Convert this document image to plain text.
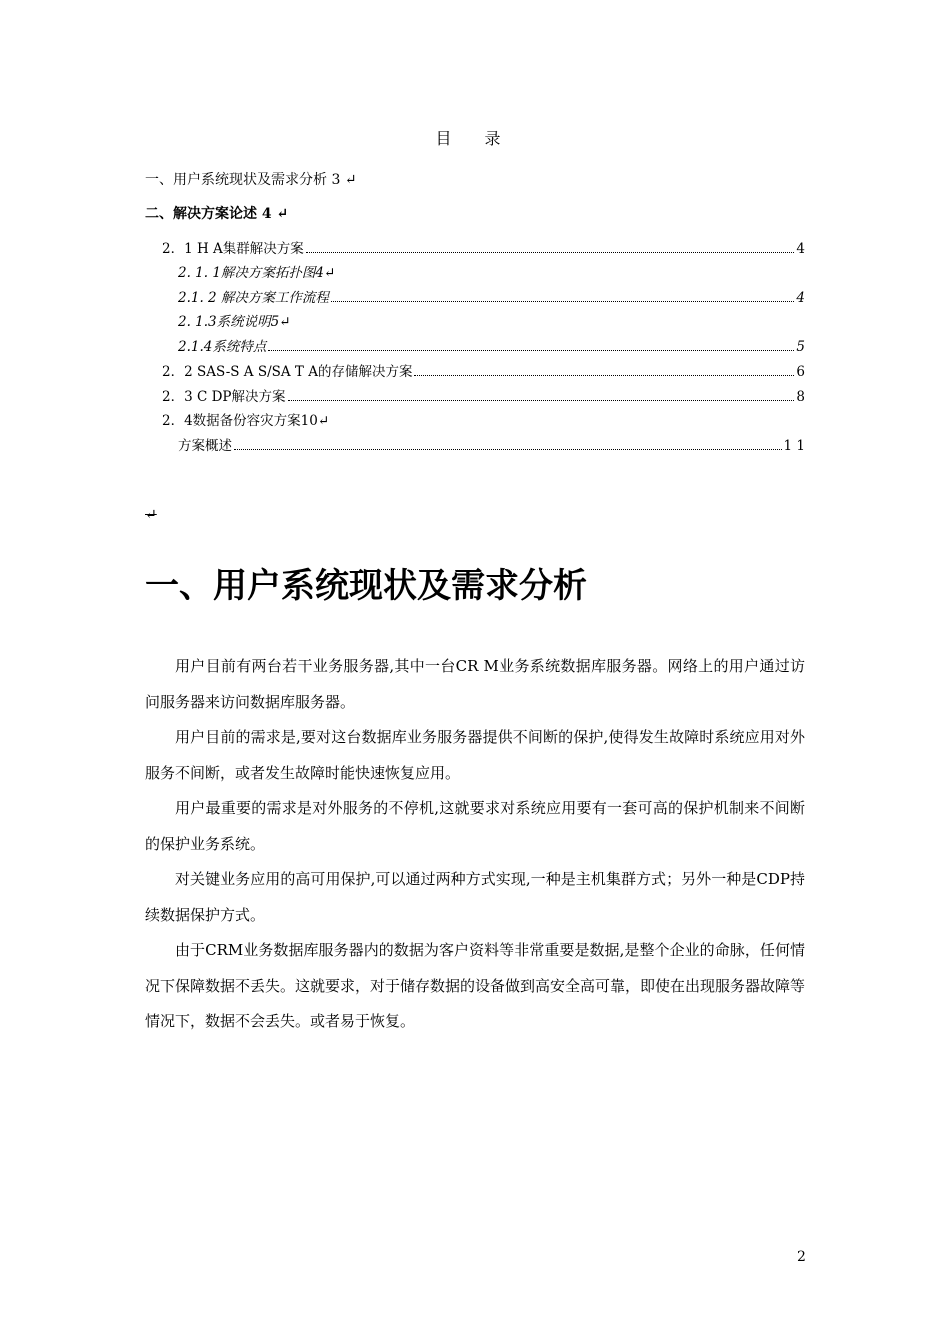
目 录
一、用户系统现状及需求分析 3 ↵
二、解决方案论述 4 ↵
2．1 H A集群解决方案	4
2. 1. 1解决方案拓扑图4↵
2.1. 2 解决方案工作流程	4
2. 1.3系统说明5↵
2.1.4系统特点	5
2．2 SAS-S A S/SA T A的存储解决方案	6
2．3 C DP解决方案	8
2．4数据备份容灾方案10↵
方案概述	1 1
↵
一、用户系统现状及需求分析

用户目前有两台若干业务服务器,其中一台CR M业务系统数据库服务器。网络上的用户通过访问服务器来访问数据库服务器。

用户目前的需求是,要对这台数据库业务服务器提供不间断的保护,使得发生故障时系统应用对外服务不间断，或者发生故障时能快速恢复应用。

用户最重要的需求是对外服务的不停机,这就要求对系统应用要有一套可高的保护机制来不间断的保护业务系统。

对关键业务应用的高可用保护,可以通过两种方式实现,一种是主机集群方式；另外一种是CDP持续数据保护方式。

由于CRM业务数据库服务器内的数据为客户资料等非常重要是数据,是整个企业的命脉，任何情况下保障数据不丢失。这就要求，对于储存数据的设备做到高安全高可靠，即使在出现服务器故障等情况下，数据不会丢失。或者易于恢复。

2
